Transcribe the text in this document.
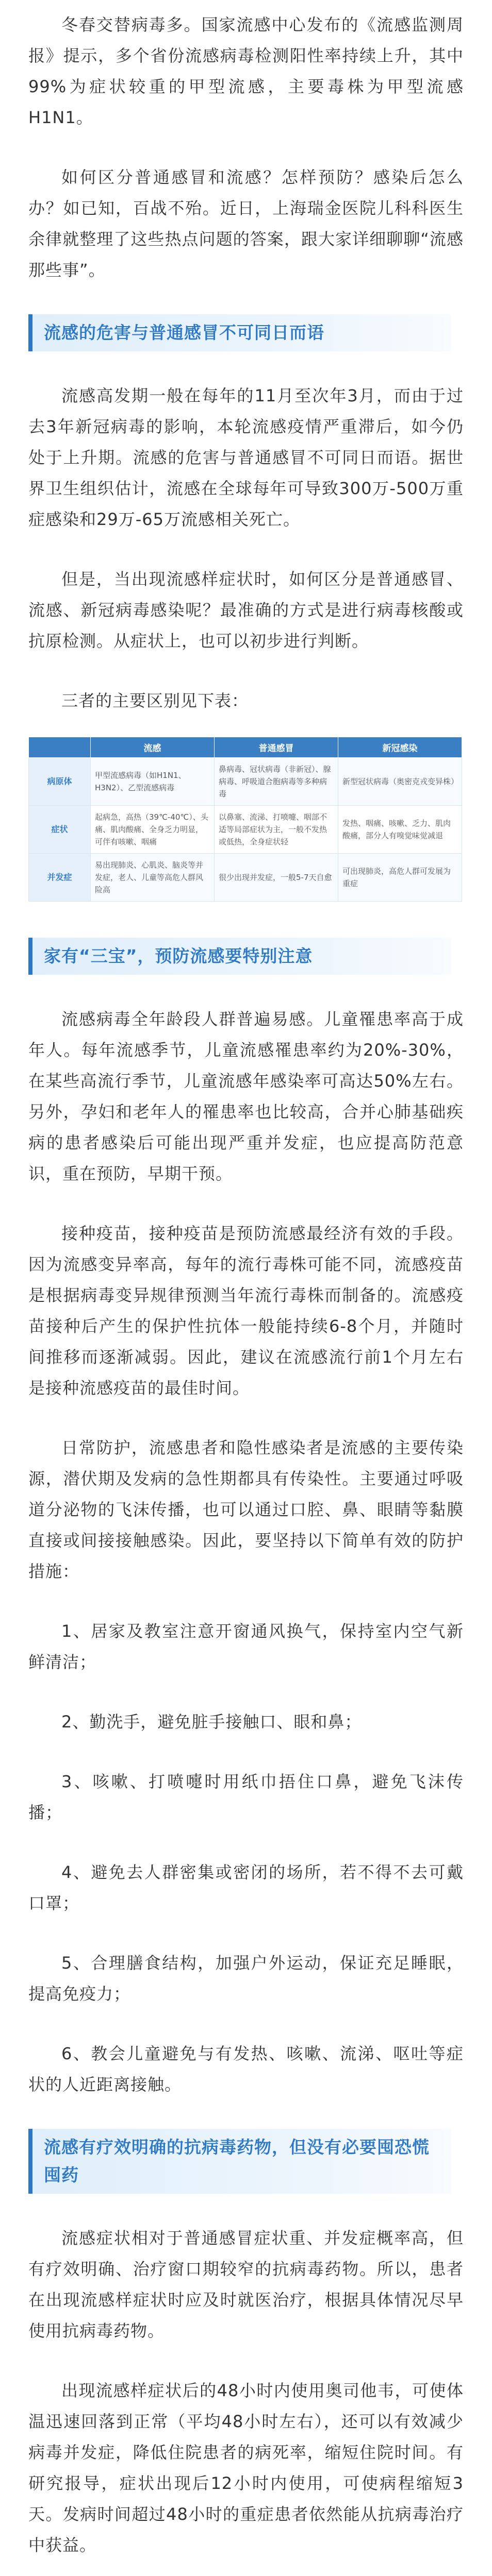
冬春交替病毒多。国家流感中心发布的《流感监测周报》提示，多个省份流感病毒检测阳性率持续上升，其中99%为症状较重的甲型流感，主要毒株为甲型流感H1N1。

如何区分普通感冒和流感？怎样预防？感染后怎么办？如已知，百战不殆。近日，上海瑞金医院儿科科医生余律就整理了这些热点问题的答案，跟大家详细聊聊“流感那些事”。

流感的危害与普通感冒不可同日而语

流感高发期一般在每年的11月至次年3月，而由于过去3年新冠病毒的影响，本轮流感疫情严重滞后，如今仍处于上升期。流感的危害与普通感冒不可同日而语。据世界卫生组织估计，流感在全球每年可导致300万-500万重症感染和29万-65万流感相关死亡。

但是，当出现流感样症状时，如何区分是普通感冒、流感、新冠病毒感染呢？最准确的方式是进行病毒核酸或抗原检测。从症状上，也可以初步进行判断。

三者的主要区别见下表：

	流感	普通感冒	新冠感染
病原体	甲型流感病毒（如H1N1、H3N2）、乙型流感病毒	鼻病毒、冠状病毒（非新冠）、腺病毒、呼吸道合胞病毒等多种病毒	新型冠状病毒（奥密克戎变异株）
症状	起病急，高热（39℃-40℃）、头痛、肌肉酸痛、全身乏力明显，可伴有咳嗽、咽痛	以鼻塞、流涕、打喷嚏、咽部不适等局部症状为主，一般不发热或低热，全身症状轻	发热、咽痛、咳嗽、乏力、肌肉酸痛，部分人有嗅觉味觉减退
并发症	易出现肺炎、心肌炎、脑炎等并发症，老人、儿童等高危人群风险高	很少出现并发症，一般5-7天自愈	可出现肺炎，高危人群可发展为重症
家有“三宝”，预防流感要特别注意

流感病毒全年龄段人群普遍易感。儿童罹患率高于成年人。每年流感季节，儿童流感罹患率约为20%-30%，在某些高流行季节，儿童流感年感染率可高达50%左右。另外，孕妇和老年人的罹患率也比较高，合并心肺基础疾病的患者感染后可能出现严重并发症，也应提高防范意识，重在预防，早期干预。

接种疫苗，接种疫苗是预防流感最经济有效的手段。因为流感变异率高，每年的流行毒株可能不同，流感疫苗是根据病毒变异规律预测当年流行毒株而制备的。流感疫苗接种后产生的保护性抗体一般能持续6-8个月，并随时间推移而逐渐减弱。因此，建议在流感流行前1个月左右是接种流感疫苗的最佳时间。

日常防护，流感患者和隐性感染者是流感的主要传染源，潜伏期及发病的急性期都具有传染性。主要通过呼吸道分泌物的飞沫传播，也可以通过口腔、鼻、眼睛等黏膜直接或间接接触感染。因此，要坚持以下简单有效的防护措施：

1、居家及教室注意开窗通风换气，保持室内空气新鲜清洁；

2、勤洗手，避免脏手接触口、眼和鼻；

3、咳嗽、打喷嚏时用纸巾捂住口鼻，避免飞沫传播；

4、避免去人群密集或密闭的场所，若不得不去可戴口罩；

5、合理膳食结构，加强户外运动，保证充足睡眠，提高免疫力；

6、教会儿童避免与有发热、咳嗽、流涕、呕吐等症状的人近距离接触。

流感有疗效明确的抗病毒药物，但没有必要囤恐慌囤药

流感症状相对于普通感冒症状重、并发症概率高，但有疗效明确、治疗窗口期较窄的抗病毒药物。所以，患者在出现流感样症状时应及时就医治疗，根据具体情况尽早使用抗病毒药物。

出现流感样症状后的48小时内使用奥司他韦，可使体温迅速回落到正常（平均48小时左右），还可以有效减少病毒并发症，降低住院患者的病死率，缩短住院时间。有研究报导，症状出现后12小时内使用，可使病程缩短3天。发病时间超过48小时的重症患者依然能从抗病毒治疗中获益。
